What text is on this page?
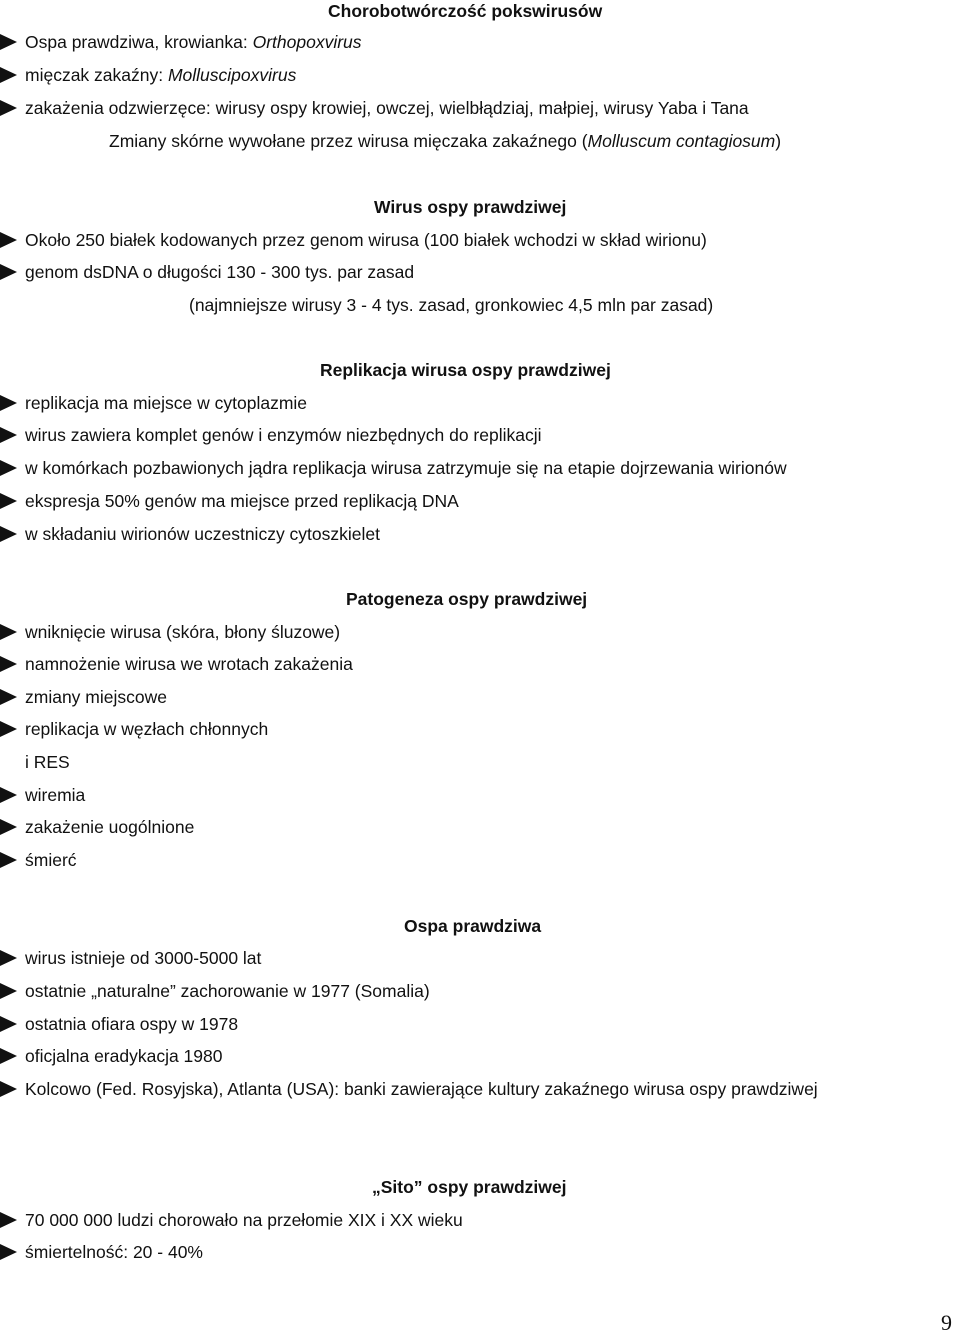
Chorobotwórczość pokswirusów
Ospa prawdziwa, krowianka: Orthopoxvirus
mięczak zakaźny: Molluscipoxvirus
zakażenia odzwierzęce: wirusy ospy krowiej, owczej, wielbłądziaj, małpiej, wirusy Yaba i Tana
Zmiany skórne wywołane przez wirusa mięczaka zakaźnego (Molluscum contagiosum)
Wirus ospy prawdziwej
Około 250 białek kodowanych przez genom wirusa (100 białek wchodzi w skład wirionu)
genom dsDNA o długości 130 - 300 tys. par zasad
(najmniejsze wirusy 3 - 4 tys. zasad, gronkowiec 4,5 mln par zasad)
Replikacja wirusa ospy prawdziwej
replikacja ma miejsce w cytoplazmie
wirus zawiera komplet genów i enzymów niezbędnych do replikacji
w komórkach pozbawionych jądra replikacja wirusa zatrzymuje się na etapie dojrzewania wirionów
ekspresja 50% genów ma miejsce przed replikacją DNA
w składaniu wirionów uczestniczy cytoszkielet
Patogeneza ospy prawdziwej
wniknięcie wirusa (skóra, błony śluzowe)
namnożenie wirusa we wrotach zakażenia
zmiany miejscowe
replikacja w węzłach chłonnych
i RES
wiremia
zakażenie uogólnione
śmierć
Ospa prawdziwa
wirus istnieje od 3000-5000 lat
ostatnie „naturalne” zachorowanie w 1977 (Somalia)
ostatnia ofiara ospy w 1978
oficjalna eradykacja 1980
Kolcowo (Fed. Rosyjska), Atlanta (USA): banki zawierające kultury zakaźnego wirusa ospy prawdziwej
„Sito” ospy prawdziwej
70 000 000 ludzi chorowało na przełomie XIX i XX wieku
śmiertelność: 20 - 40%
9
